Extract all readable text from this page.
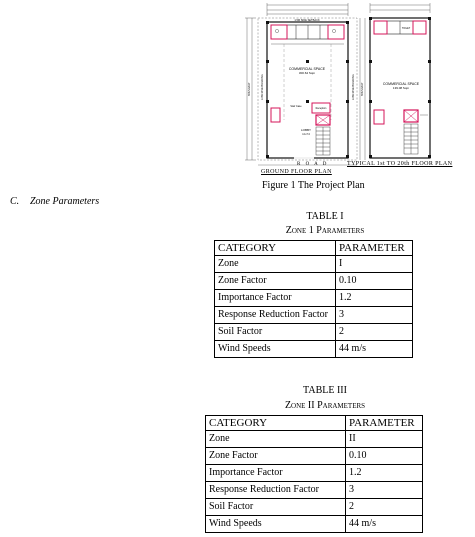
COMMERCIAL SPACE
300.64 Sqm
Stair Case
Reception
LOBBY
4.1x7.0
LOW RISE BUILDING	LOW RISE BUILDING
BOUNDARY	BOUNDARY
1.5M SIDE SETBACK
TOILET
COMMERCIAL SPACE
139.08 Sqm
R O A D
GROUND FLOOR PLAN
TYPICAL 1st TO 20th FLOOR PLAN
Figure 1 The Project Plan
C. Zone Parameters
TABLE I
Zone 1 Parameters
CATEGORY	PARAMETER
Zone	I
Zone Factor	0.10
Importance Factor	1.2
Response Reduction Factor	3
Soil Factor	2
Wind Speeds	44 m/s
TABLE III
Zone II Parameters
CATEGORY	PARAMETER
Zone	II
Zone Factor	0.10
Importance Factor	1.2
Response Reduction Factor	3
Soil Factor	2
Wind Speeds	44 m/s
